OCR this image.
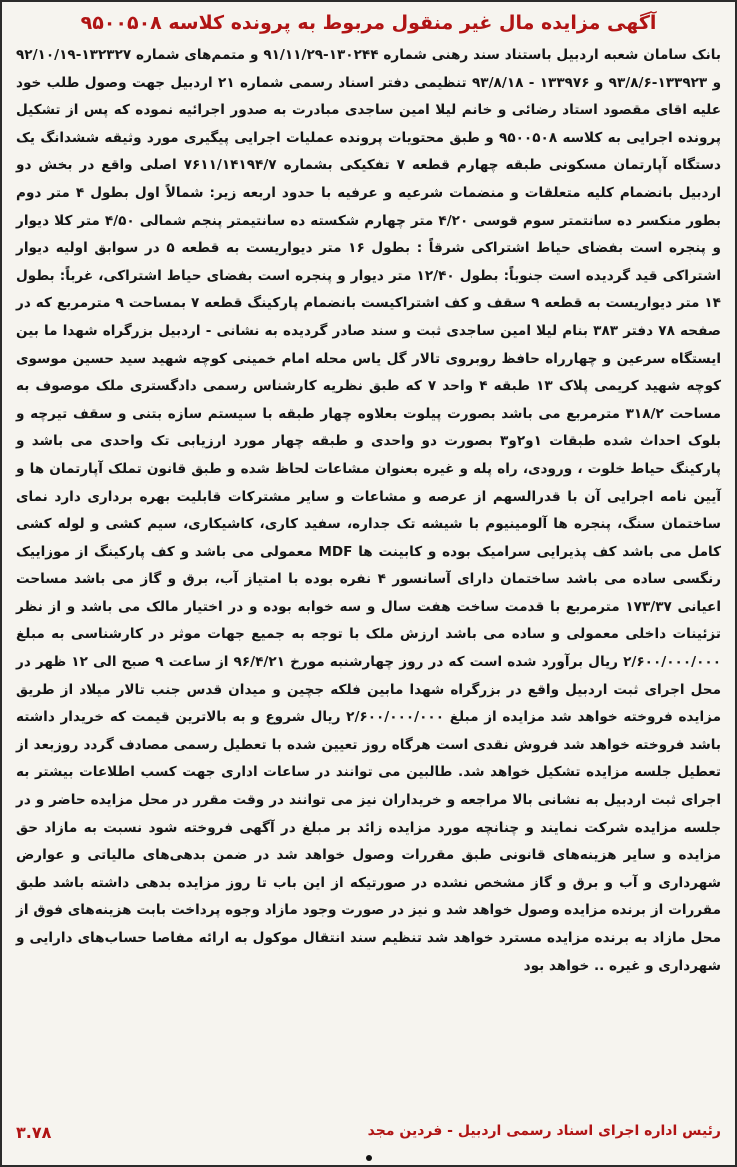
آگهی مزایده مال غیر منقول مربوط به پرونده کلاسه ۹۵۰۰۵۰۸

بانک سامان شعبه اردبیل باستناد سند رهنی شماره ۱۳۰۲۴۴-۹۱/۱۱/۲۹ و متمم‌های شماره ۱۳۲۳۲۷-۹۲/۱۰/۱۹ و ۱۳۳۹۲۳-۹۳/۸/۶ و ۱۳۳۹۷۶ - ۹۳/۸/۱۸ تنظیمی دفتر اسناد رسمی شماره ۲۱ اردبیل جهت وصول طلب خود علیه اقای مقصود استاد رضائی و خانم لیلا امین ساجدی مبادرت به صدور اجرائیه نموده که پس از تشکیل پرونده اجرایی به کلاسه ۹۵۰۰۵۰۸ و طبق محتویات پرونده عملیات اجرایی پیگیری مورد وثیقه ششدانگ یک دستگاه آپارتمان مسکونی طبقه چهارم قطعه ۷ تفکیکی بشماره ۷۶۱۱/۱۴۱۹۴/۷ اصلی واقع در بخش دو اردبیل بانضمام کلیه متعلقات و منضمات شرعیه و عرفیه با حدود اربعه زیر: شمالاً اول بطول ۴ متر دوم بطور منکسر ده سانتمتر سوم قوسی ۴/۲۰ متر چهارم شکسته ده سانتیمتر پنجم شمالی ۴/۵۰ متر کلا دیوار و پنجره است بفضای حیاط اشتراکی شرقاً : بطول ۱۶ متر دیواریست به قطعه ۵ در سوابق اولیه دیوار اشتراکی قید گردیده است جنوباً: بطول ۱۲/۴۰ متر دیوار و پنجره است بفضای حیاط اشتراکی، غرباً: بطول ۱۴ متر دیواریست به قطعه ۹ سقف و کف اشتراکیست بانضمام پارکینگ قطعه ۷ بمساحت ۹ مترمربع که در صفحه ۷۸ دفتر ۳۸۳ بنام لیلا امین ساجدی ثبت و سند صادر گردیده به نشانی - اردبیل بزرگراه شهدا ما بین ایستگاه سرعین و چهارراه حافظ روبروی تالار گل یاس محله امام خمینی کوچه شهید سید حسین موسوی کوچه شهید کریمی پلاک ۱۳ طبقه ۴ واحد ۷ که طبق نظریه کارشناس رسمی دادگستری ملک موصوف به مساحت ۳۱۸/۲ مترمربع می باشد بصورت پیلوت بعلاوه چهار طبقه با سیستم سازه بتنی و سقف تیرچه و بلوک احداث شده طبقات ۱و۲و۳ بصورت دو واحدی و طبقه چهار مورد ارزیابی تک واحدی می باشد و پارکینگ حیاط خلوت ، ورودی، راه پله و غیره بعنوان مشاعات لحاظ شده و طبق قانون تملک آپارتمان ها و آیین نامه اجرایی آن با قدرالسهم از عرصه و مشاعات و سایر مشترکات قابلیت بهره برداری دارد نمای ساختمان سنگ، پنجره ها آلومینیوم با شیشه تک جداره، سفید کاری، کاشیکاری، سیم کشی و لوله کشی کامل می باشد کف پذیرایی سرامیک بوده و کابینت ها MDF معمولی می باشد و کف پارکینگ از موزاییک رنگسی ساده می باشد ساختمان دارای آسانسور ۴ نفره بوده با امتیاز آب، برق و گاز می باشد مساحت اعیانی ۱۷۳/۳۷ مترمربع با قدمت ساخت هفت سال و سه خوابه بوده و در اختیار مالک می باشد و از نظر تزئینات داخلی معمولی و ساده می باشد ارزش ملک با توجه به جمیع جهات موثر در کارشناسی به مبلغ ۲/۶۰۰/۰۰۰/۰۰۰ ریال برآورد شده است که در روز چهارشنبه مورخ ۹۶/۴/۲۱ از ساعت ۹ صبح الی ۱۲ ظهر در محل اجرای ثبت اردبیل واقع در بزرگراه شهدا مابین فلکه جچین و میدان قدس جنب تالار میلاد از طریق مزایده فروخته خواهد شد مزایده از مبلغ ۲/۶۰۰/۰۰۰/۰۰۰ ریال شروع و به بالاترین قیمت که خریدار داشته باشد فروخته خواهد شد فروش نقدی است هرگاه روز تعیین شده با تعطیل رسمی مصادف گردد روزبعد از تعطیل جلسه مزایده تشکیل خواهد شد. طالبین می توانند در ساعات اداری جهت کسب اطلاعات بیشتر به اجرای ثبت اردبیل به نشانی بالا مراجعه و خریداران نیز می توانند در وقت مقرر در محل مزایده حاضر و در جلسه مزایده شرکت نمایند و چنانچه مورد مزایده زائد بر مبلغ در آگهی فروخته شود نسبت به مازاد حق مزایده و سایر هزینه‌های قانونی طبق مقررات وصول خواهد شد در ضمن بدهی‌های مالیاتی و عوارض شهرداری و آب و برق و گاز مشخص نشده در صورتیکه از این باب تا روز مزایده بدهی داشته باشد طبق مقررات از برنده مزایده وصول خواهد شد و نیز در صورت وجود مازاد وجوه پرداخت بابت هزینه‌های فوق از محل مازاد به برنده مزایده مسترد خواهد شد تنظیم سند انتقال موکول به ارائه مفاصا حساب‌های دارایی و شهرداری و غیره .. خواهد بود

رئیس اداره اجرای اسناد رسمی اردبیل - فردین مجد
۳.۷۸
